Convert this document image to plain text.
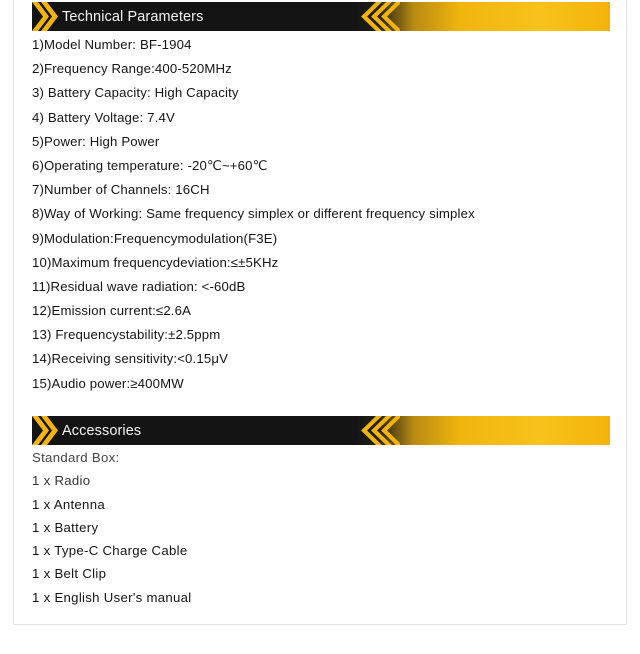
Technical Parameters
1)Model Number: BF-1904
2)Frequency Range:400-520MHz
3) Battery Capacity: High Capacity
4) Battery Voltage: 7.4V
5)Power: High Power
6)Operating temperature: -20℃~+60℃
7)Number of Channels: 16CH
8)Way of Working: Same frequency simplex or different frequency simplex
9)Modulation:Frequencymodulation(F3E)
10)Maximum frequencydeviation:≤±5KHz
11)Residual wave radiation: <-60dB
12)Emission current:≤2.6A
13) Frequencystability:±2.5ppm
14)Receiving sensitivity:<0.15μV
15)Audio power:≥400MW
Accessories
Standard Box:
1 x Radio
1 x Antenna
1 x Battery
1 x Type-C Charge Cable
1 x Belt Clip
1 x English User's manual
